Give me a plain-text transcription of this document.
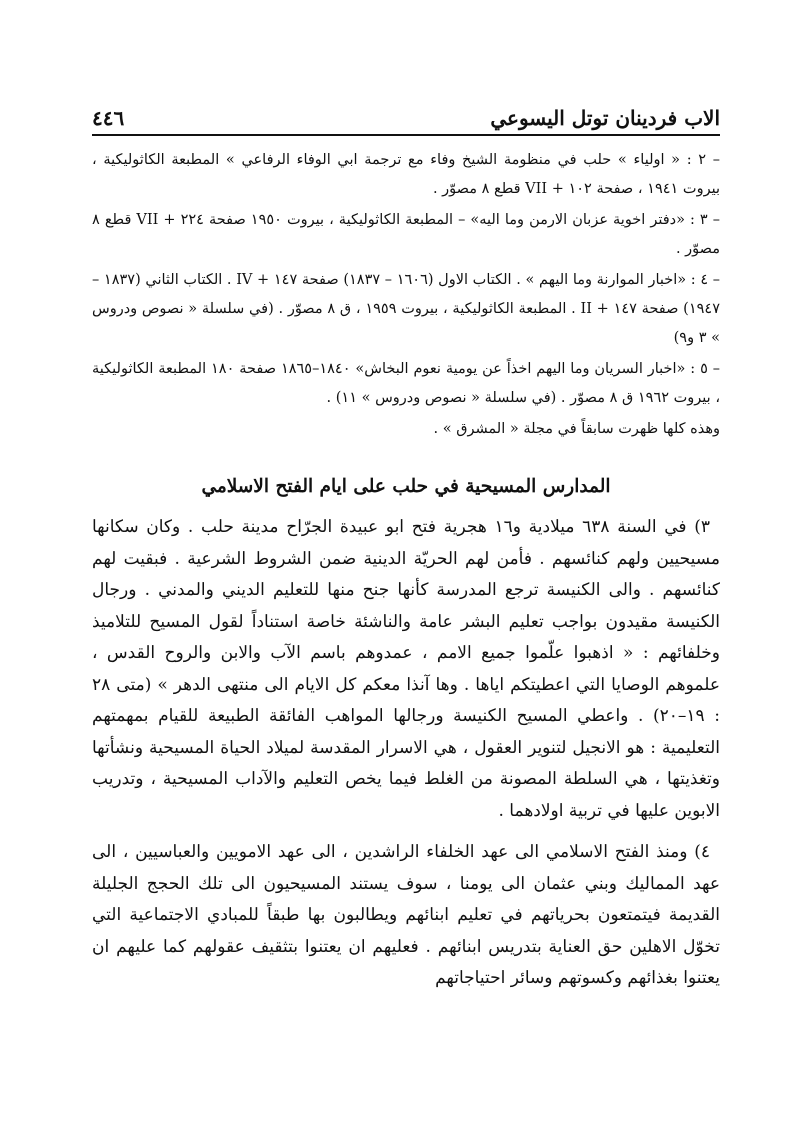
الاب فردينان توتل اليسوعي
٤٤٦

– ٢ : « اولياء » حلب في منظومة الشيخ وفاء مع ترجمة ابي الوفاء الرفاعي » المطبعة الكاثوليكية ، بيروت ١٩٤١ ، صفحة ١٠٢ + VII قطع ٨ مصوّر .

– ٣ : «دفتر اخوية عزبان الارمن وما اليه» – المطبعة الكاثوليكية ، بيروت ١٩٥٠ صفحة ٢٢٤ + VII قطع ٨ مصوّر .

– ٤ : «اخبار الموارنة وما اليهم » . الكتاب الاول (١٦٠٦ – ١٨٣٧) صفحة ١٤٧ + IV . الكتاب الثاني (١٨٣٧ – ١٩٤٧) صفحة ١٤٧ + II . المطبعة الكاثوليكية ، بيروت ١٩٥٩ ، ق ٨ مصوّر . (في سلسلة « نصوص ودروس » ٣ و٩)

– ٥ : «اخبار السريان وما اليهم اخذاً عن يومية نعوم البخاش» ١٨٤٠–١٨٦٥ صفحة ١٨٠ المطبعة الكاثوليكية ، بيروت ١٩٦٢ ق ٨ مصوّر . (في سلسلة « نصوص ودروس » ١١) .

وهذه كلها ظهرت سابقاً في مجلة « المشرق » .

المدارس المسيحية في حلب على ايام الفتح الاسلامي

٣) في السنة ٦٣٨ ميلادية و١٦ هجرية فتح ابو عبيدة الجرّاح مدينة حلب . وكان سكانها مسيحيين ولهم كنائسهم . فأمن لهم الحريّة الدينية ضمن الشروط الشرعية . فبقيت لهم كنائسهم . والى الكنيسة ترجع المدرسة كأنها جنح منها للتعليم الديني والمدني . ورجال الكنيسة مقيدون بواجب تعليم البشر عامة والناشئة خاصة استناداً لقول المسيح للتلاميذ وخلفائهم : « اذهبوا علّموا جميع الامم ، عمدوهم باسم الآب والابن والروح القدس ، علموهم الوصايا التي اعطيتكم اياها . وها آنذا معكم كل الايام الى منتهى الدهر » (متى ٢٨ : ١٩–٢٠) . واعطي المسيح الكنيسة ورجالها المواهب الفائقة الطبيعة للقيام بمهمتهم التعليمية : هو الانجيل لتنوير العقول ، هي الاسرار المقدسة لميلاد الحياة المسيحية ونشأتها وتغذيتها ، هي السلطة المصونة من الغلط فيما يخص التعليم والآداب المسيحية ، وتدريب الابوين عليها في تربية اولادهما .

٤) ومنذ الفتح الاسلامي الى عهد الخلفاء الراشدين ، الى عهد الامويين والعباسيين ، الى عهد المماليك وبني عثمان الى يومنا ، سوف يستند المسيحيون الى تلك الحجج الجليلة القديمة فيتمتعون بحرياتهم في تعليم ابنائهم ويطالبون بها طبقاً للمبادي الاجتماعية التي تخوّل الاهلين حق العناية بتدريس ابنائهم . فعليهم ان يعتنوا بتثقيف عقولهم كما عليهم ان يعتنوا بغذائهم وكسوتهم وسائر احتياجاتهم
